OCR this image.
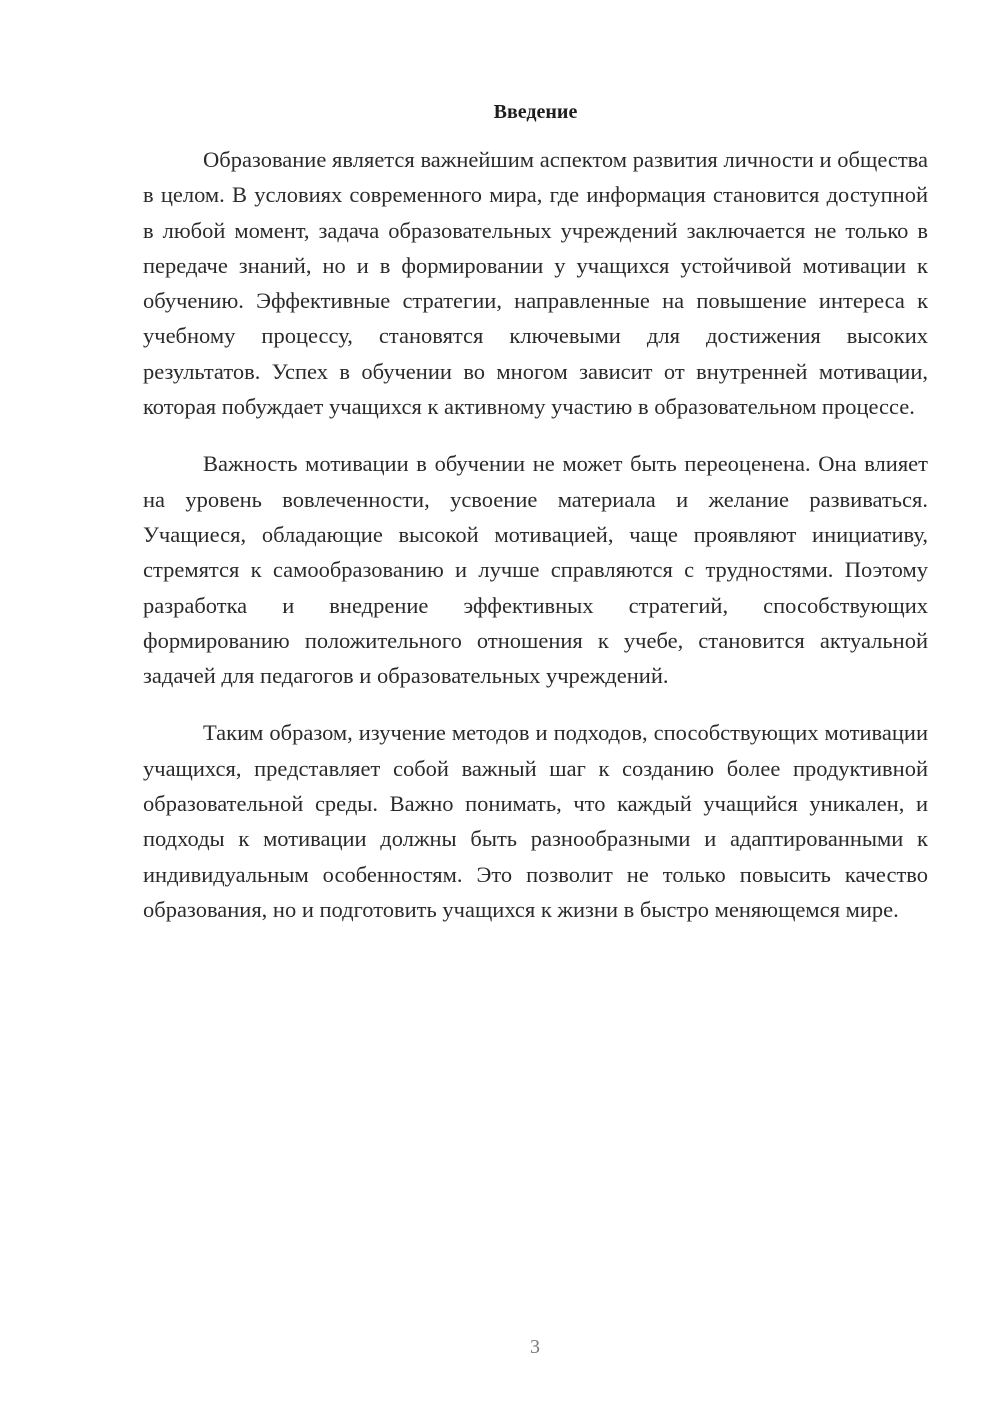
Введение

Образование является важнейшим аспектом развития личности и общества в целом. В условиях современного мира, где информация становится доступной в любой момент, задача образовательных учреждений заключается не только в передаче знаний, но и в формировании у учащихся устойчивой мотивации к обучению. Эффективные стратегии, направленные на повышение интереса к учебному процессу, становятся ключевыми для достижения высоких результатов. Успех в обучении во многом зависит от внутренней мотивации, которая побуждает учащихся к активному участию в образовательном процессе.

Важность мотивации в обучении не может быть переоценена. Она влияет на уровень вовлеченности, усвоение материала и желание развиваться. Учащиеся, обладающие высокой мотивацией, чаще проявляют инициативу, стремятся к самообразованию и лучше справляются с трудностями. Поэтому разработка и внедрение эффективных стратегий, способствующих формированию положительного отношения к учебе, становится актуальной задачей для педагогов и образовательных учреждений.

Таким образом, изучение методов и подходов, способствующих мотивации учащихся, представляет собой важный шаг к созданию более продуктивной образовательной среды. Важно понимать, что каждый учащийся уникален, и подходы к мотивации должны быть разнообразными и адаптированными к индивидуальным особенностям. Это позволит не только повысить качество образования, но и подготовить учащихся к жизни в быстро меняющемся мире.

3
